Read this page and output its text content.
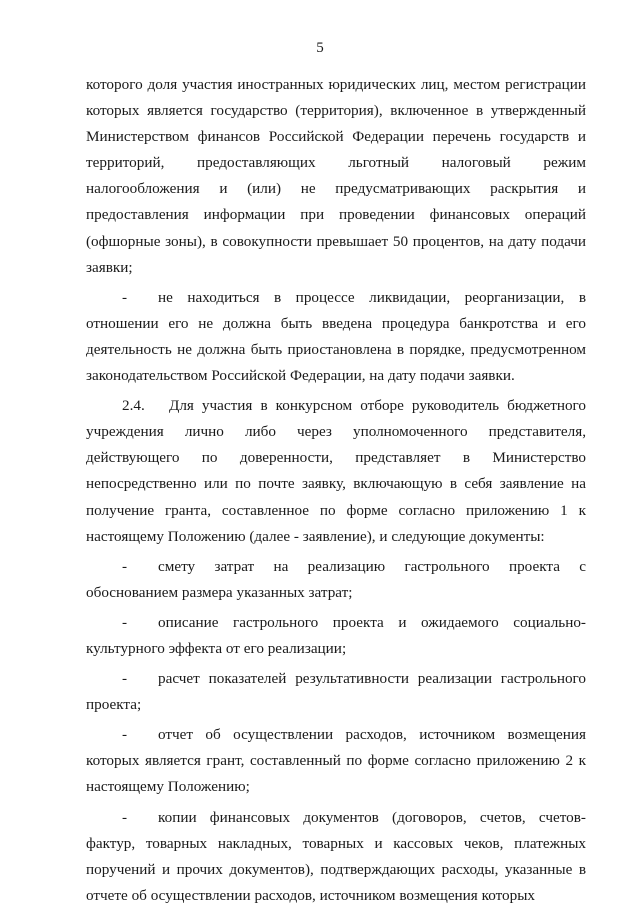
5

которого доля участия иностранных юридических лиц, местом регистрации которых является государство (территория), включенное в утвержденный Министерством финансов Российской Федерации перечень государств и территорий, предоставляющих льготный налоговый режим налогообложения и (или) не предусматривающих раскрытия и предоставления информации при проведении финансовых операций (офшорные зоны), в совокупности превышает 50 процентов, на дату подачи заявки;

- не находиться в процессе ликвидации, реорганизации, в отношении его не должна быть введена процедура банкротства и его деятельность не должна быть приостановлена в порядке, предусмотренном законодательством Российской Федерации, на дату подачи заявки.

2.4. Для участия в конкурсном отборе руководитель бюджетного учреждения лично либо через уполномоченного представителя, действующего по доверенности, представляет в Министерство непосредственно или по почте заявку, включающую в себя заявление на получение гранта, составленное по форме согласно приложению 1 к настоящему Положению (далее - заявление), и следующие документы:

- смету затрат на реализацию гастрольного проекта с обоснованием размера указанных затрат;

- описание гастрольного проекта и ожидаемого социально-культурного эффекта от его реализации;

- расчет показателей результативности реализации гастрольного проекта;

- отчет об осуществлении расходов, источником возмещения которых является грант, составленный по форме согласно приложению 2 к настоящему Положению;

- копии финансовых документов (договоров, счетов, счетов-фактур, товарных накладных, товарных и кассовых чеков, платежных поручений и прочих документов), подтверждающих расходы, указанные в отчете об осуществлении расходов, источником возмещения которых
